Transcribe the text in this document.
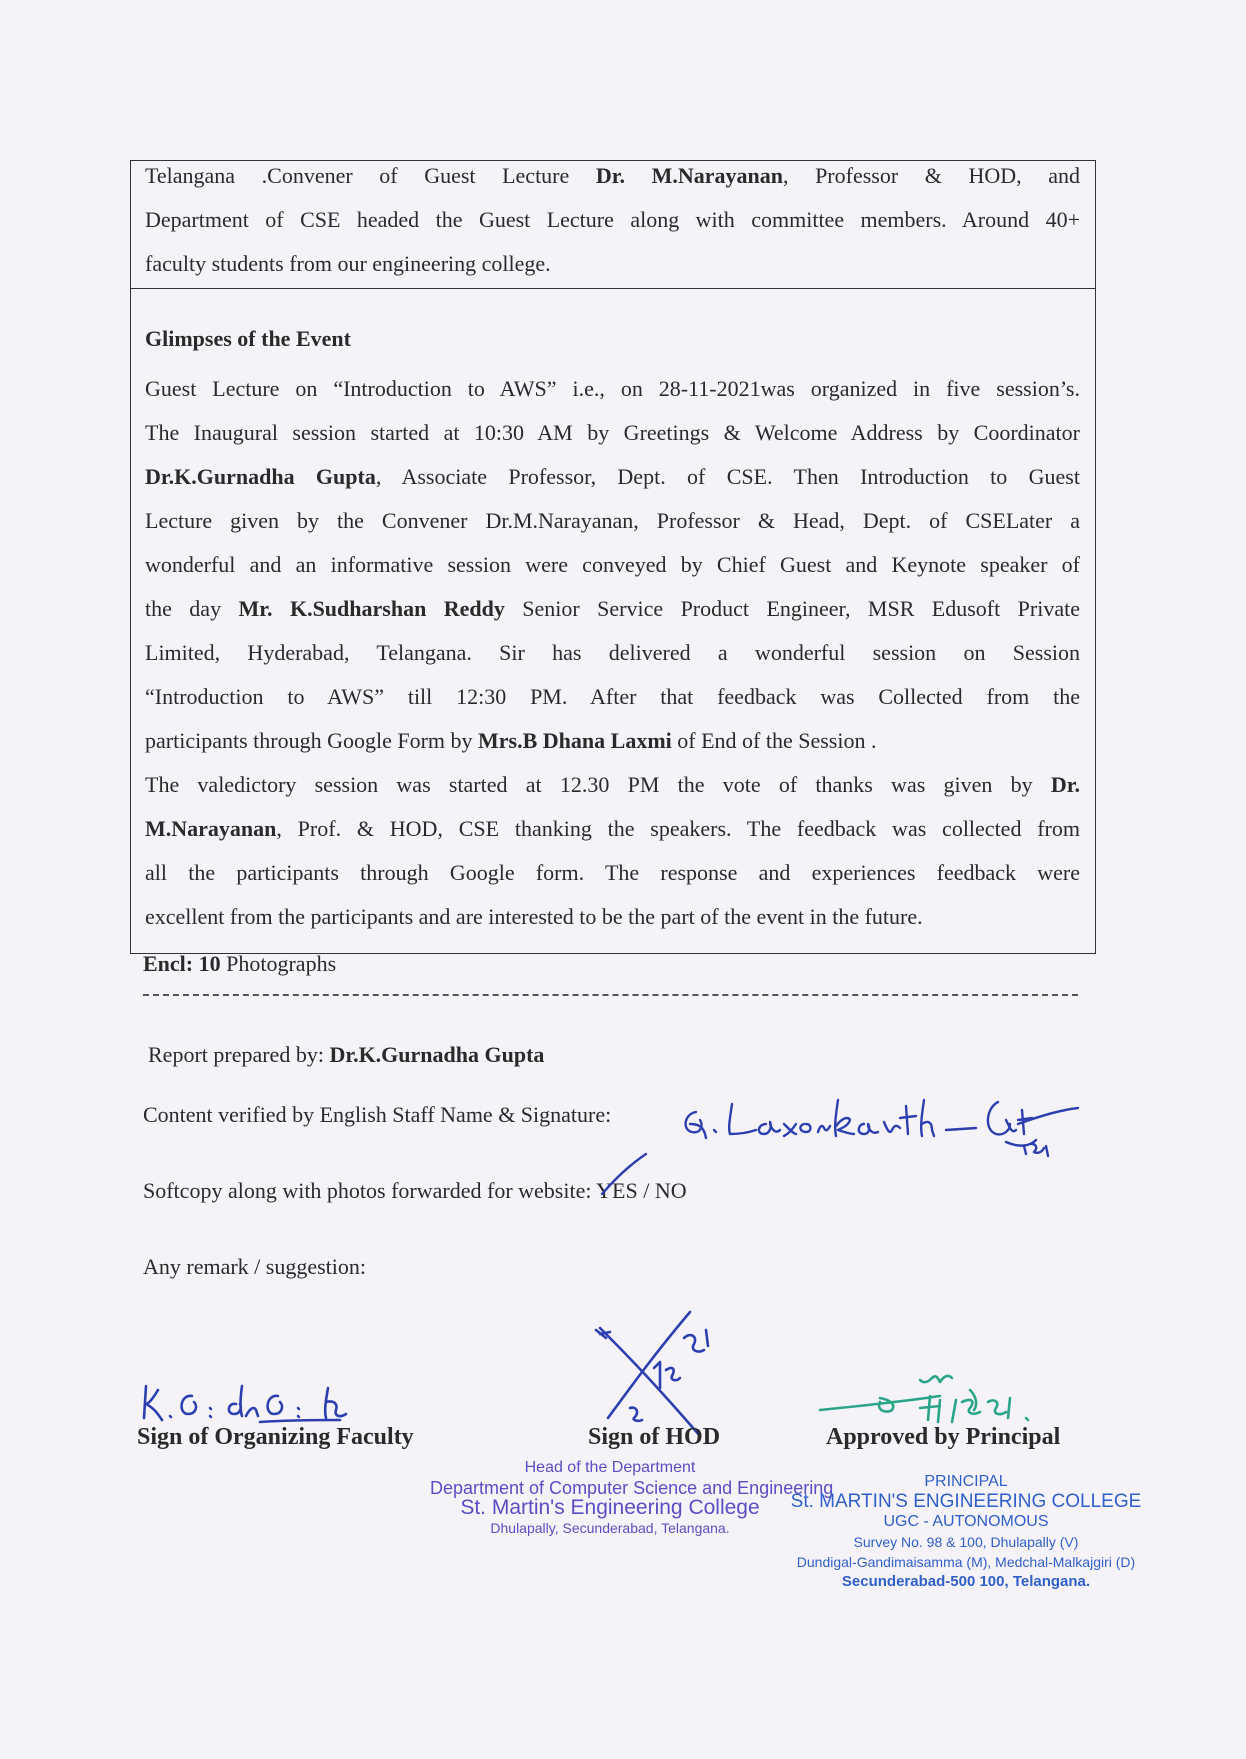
Telangana .Convener of Guest Lecture Dr. M.Narayanan, Professor & HOD, and
Department of CSE headed the Guest Lecture along with committee members. Around 40+
faculty students from our engineering college.
Glimpses of the Event
Guest Lecture on “Introduction to AWS” i.e., on 28-11-2021was organized in five session’s.
The Inaugural session started at 10:30 AM by Greetings & Welcome Address by Coordinator
Dr.K.Gurnadha Gupta, Associate Professor, Dept. of CSE. Then Introduction to Guest
Lecture given by the Convener Dr.M.Narayanan, Professor & Head, Dept. of CSELater a
wonderful and an informative session were conveyed by Chief Guest and Keynote speaker of
the day Mr. K.Sudharshan Reddy Senior Service Product Engineer, MSR Edusoft Private
Limited, Hyderabad, Telangana. Sir has delivered a wonderful session on Session
“Introduction to AWS” till 12:30 PM. After that feedback was Collected from the
participants through Google Form by Mrs.B Dhana Laxmi of End of the Session .
The valedictory session was started at 12.30 PM the vote of thanks was given by Dr.
M.Narayanan, Prof. & HOD, CSE thanking the speakers. The feedback was collected from
all the participants through Google form. The response and experiences feedback were
excellent from the participants and are interested to be the part of the event in the future.
Encl: 10 Photographs
Report prepared by: Dr.K.Gurnadha Gupta
Content verified by English Staff Name & Signature:
Softcopy along with photos forwarded for website: YES / NO
Any remark / suggestion:
Sign of Organizing Faculty	Sign of HOD	Approved by Principal
Head of the Department
Department of Computer Science and Engineering
St. Martin's Engineering College
Dhulapally, Secunderabad, Telangana.
PRINCIPAL
St. MARTIN'S ENGINEERING COLLEGE
UGC - AUTONOMOUS
Survey No. 98 & 100, Dhulapally (V)
Dundigal-Gandimaisamma (M), Medchal-Malkajgiri (D)
Secunderabad-500 100, Telangana.
